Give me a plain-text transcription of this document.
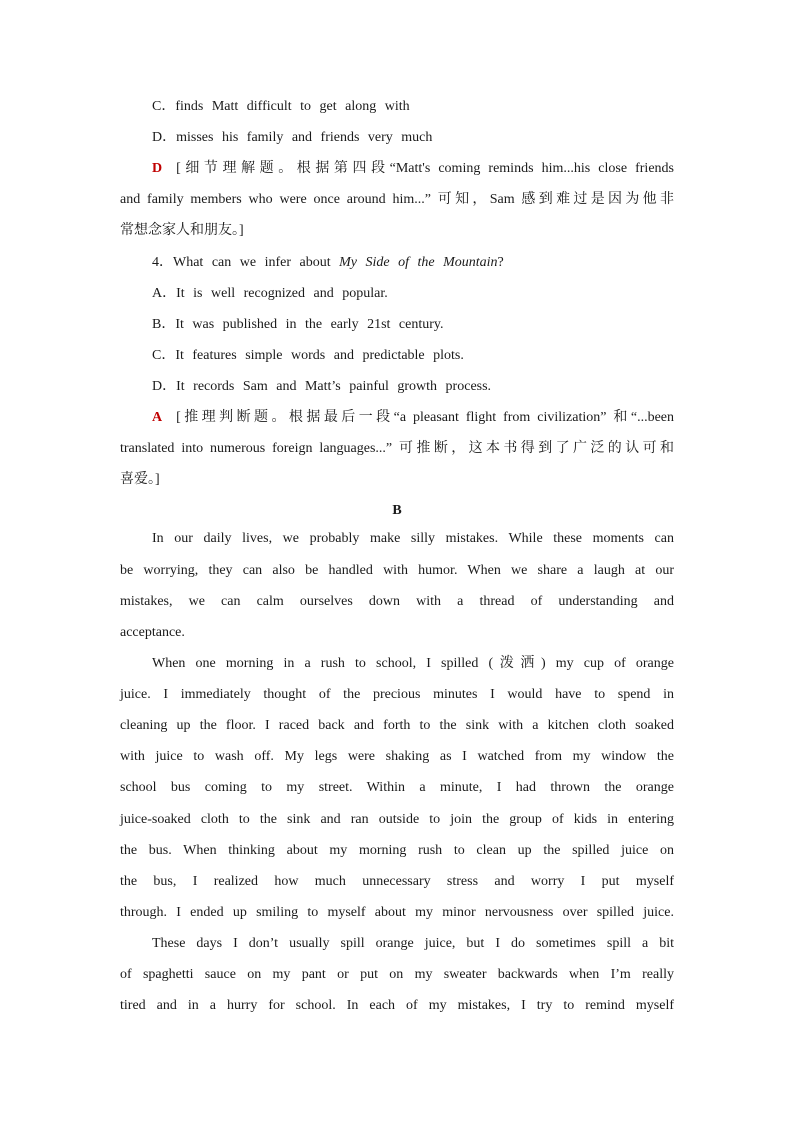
C．finds Matt difficult to get along with
D．misses his family and friends very much
D [细节理解题。根据第四段“Matt's coming reminds him...his close friends
and family members who were once around him...” 可知，Sam 感到难过是因为他非
常想念家人和朋友。]
4．What can we infer about My Side of the Mountain?
A．It is well recognized and popular.
B．It was published in the early 21st century.
C．It features simple words and predictable plots.
D．It records Sam and Matt’s painful growth process.
A [推理判断题。根据最后一段“a pleasant flight from civilization” 和“...been
translated into numerous foreign languages...” 可推断，这本书得到了广泛的认可和
喜爱。]
B
In our daily lives, we probably make silly mistakes. While these moments can
be worrying, they can also be handled with humor. When we share a laugh at our
mistakes, we can calm ourselves down with a thread of understanding and
acceptance.
When one morning in a rush to school, I spilled (泼洒) my cup of orange
juice. I immediately thought of the precious minutes I would have to spend in
cleaning up the floor. I raced back and forth to the sink with a kitchen cloth soaked
with juice to wash off. My legs were shaking as I watched from my window the
school bus coming to my street. Within a minute, I had thrown the orange
juice-soaked cloth to the sink and ran outside to join the group of kids in entering
the bus. When thinking about my morning rush to clean up the spilled juice on
the bus, I realized how much unnecessary stress and worry I put myself
through. I ended up smiling to myself about my minor nervousness over spilled juice.
These days I don’t usually spill orange juice, but I do sometimes spill a bit
of spaghetti sauce on my pant or put on my sweater backwards when I’m really
tired and in a hurry for school. In each of my mistakes, I try to remind myself
